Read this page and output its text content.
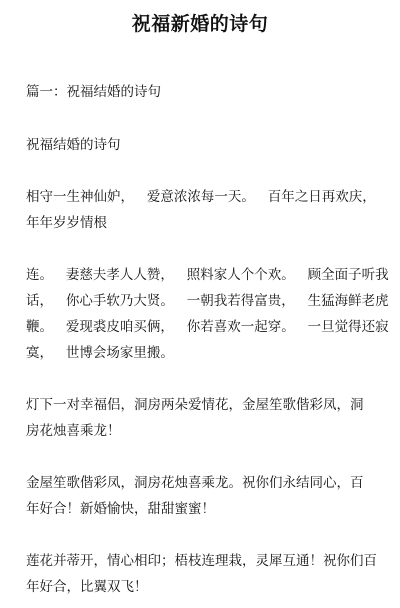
祝福新婚的诗句
篇一：祝福结婚的诗句
祝福结婚的诗句
相守一生神仙妒，   爱意浓浓每一天。   百年之日再欢庆，
年年岁岁情根
连。   妻慈夫孝人人赞，   照料家人个个欢。   顾全面子听我
话，   你心手软乃大贤。   一朝我若得富贵，   生猛海鲜老虎
鞭。   爱现裘皮咱买俩，   你若喜欢一起穿。   一旦觉得还寂
寞，   世博会场家里搬。
灯下一对幸福侣，洞房两朵爱情花，金屋笙歌偕彩凤，洞
房花烛喜乘龙！
金屋笙歌偕彩凤，洞房花烛喜乘龙。祝你们永结同心，百
年好合！新婚愉快，甜甜蜜蜜！
莲花并蒂开，情心相印；梧枝连理栽，灵犀互通！祝你们百
年好合，比翼双飞！
